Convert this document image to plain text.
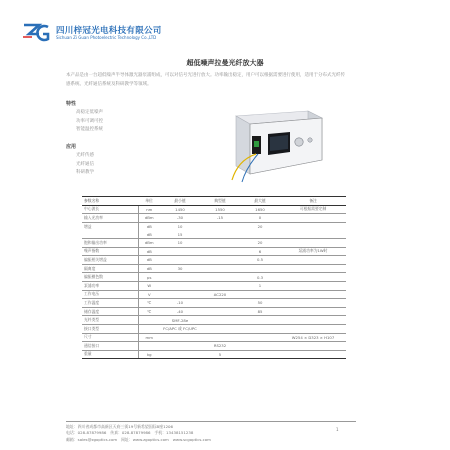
四川梓冠光电科技有限公司
Sichuan Zi Guan Photoelectric Technology Co.,LTD
超低噪声拉曼光纤放大器
本产品是由一台超低噪声半导体激光器泵浦组成，可以对信号光进行放大。功率输出稳定，用户可以根据需要进行使用，适用于分布式光纤传感系统、光纤通信系统及科研教学等领域。
特性
高稳定低噪声
功率可调可控
智能温控系统
应用
光纤传感
光纤通信
科研教学
参数名称	单位	最小值	典型值	最大值	备注
中心波长	nm	1450	1550	1650	可根据需要定制
输入光功率	dBm	-30	-15	0	
增益	dB	10		20	
	dB	15			
饱和输出功率	dBm	10		20	
噪声指数	dB			6	泵浦功率为1W时
偏振相关增益	dB			0.5	
隔离度	dB	30			
偏振模色散	ps			0.3	
泵浦功率	W			1	
工作电压	V		AC220		
工作温度	℃	-10		50	
储存温度	℃	-40		85	
光纤类型		SMF-28e			
接口类型		FC/APC 或 FC/UPC			
尺寸	mm				W254 × D323 × H107
通信接口			RS232		
重量	kg		5		
地址：四川省成都市高新区天府三街19号新希望国际B座1206
电话：028-87879986　传真：028-87879986　手机：13438151238
邮箱：sales@zgoptics.com　网址：www.zgoptics.com　www.scgoptics.com
1
